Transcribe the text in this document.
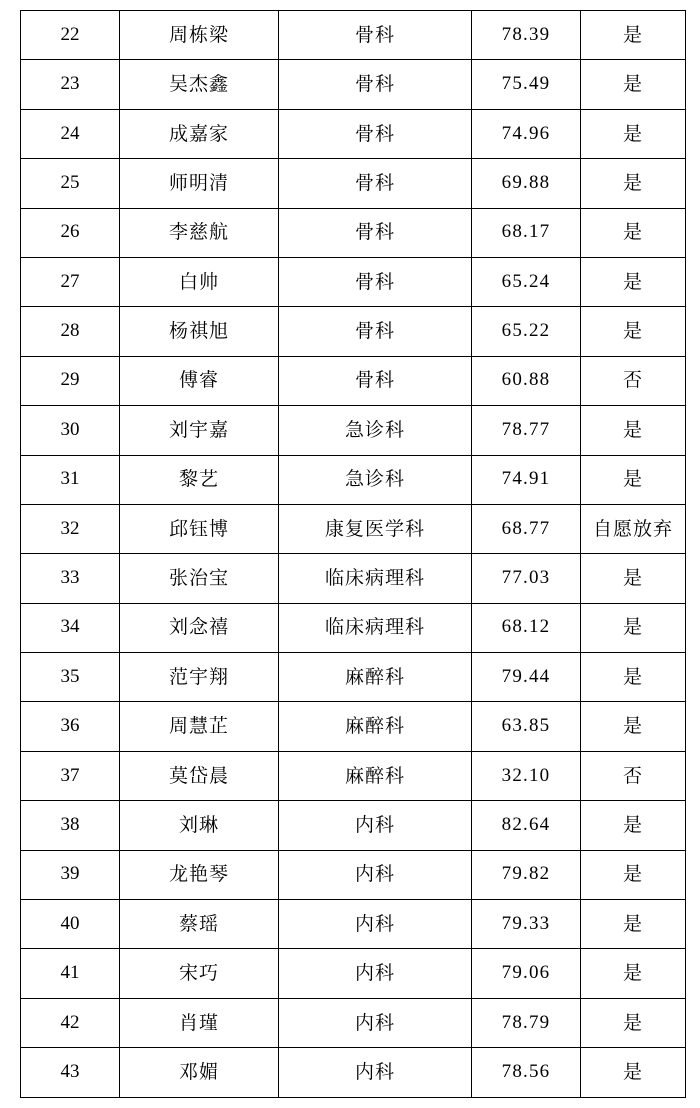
22	周栋梁	骨科	78.39	是
23	吴杰鑫	骨科	75.49	是
24	成嘉家	骨科	74.96	是
25	师明清	骨科	69.88	是
26	李慈航	骨科	68.17	是
27	白帅	骨科	65.24	是
28	杨祺旭	骨科	65.22	是
29	傅睿	骨科	60.88	否
30	刘宇嘉	急诊科	78.77	是
31	黎艺	急诊科	74.91	是
32	邱钰博	康复医学科	68.77	自愿放弃
33	张治宝	临床病理科	77.03	是
34	刘念禧	临床病理科	68.12	是
35	范宇翔	麻醉科	79.44	是
36	周慧芷	麻醉科	63.85	是
37	莫岱晨	麻醉科	32.10	否
38	刘琳	内科	82.64	是
39	龙艳琴	内科	79.82	是
40	蔡瑶	内科	79.33	是
41	宋巧	内科	79.06	是
42	肖瑾	内科	78.79	是
43	邓媚	内科	78.56	是
